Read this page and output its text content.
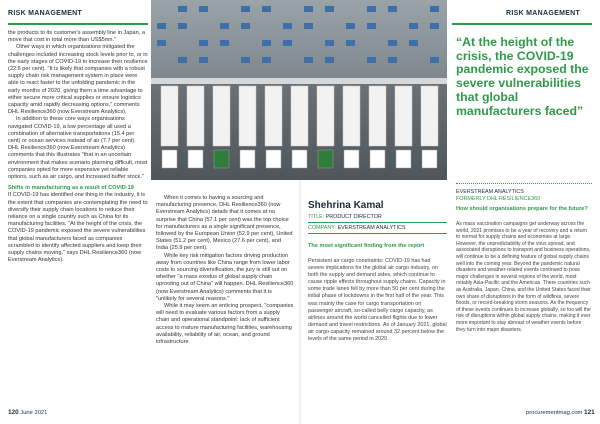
RISK MANAGEMENT	RISK MANAGEMENT

the products to its customer's assembly line in Japan, a move that cost in total more than US$5mn."

Other ways in which organisations mitigated the challenges included increasing stock levels prior to, or in the early stages of COVID-19 to increase their resilience (22.6 per cent). "It is likely that companies with a robust supply chain risk management system in place were able to react faster to the unfolding pandemic in the early months of 2020, giving them a time advantage to either secure more critical supplies or ensure logistics capacity amid rapidly decreasing options," comments DHL Resilience360 (now Everstream Analytics).

In addition to these core ways organisations navigated COVID-19, a low percentage all used a combination of alternative transportations (15.4 per cent) or ocean services instead of air (7.7 per cent). DHL Resilience360 (now Everstream Analytics) comments that this illustrates "that in an uncertain environment that makes scenario planning difficult, most companies opted for more expensive yet reliable options, such as air cargo, and increased buffer stock."

Shifts in manufacturing as a result of COVID-19

If COVID-19 has identified one thing in the industry, it is the extent that companies are contemplating the need to diversify their supply chain locations to reduce their reliance on a single country such as China for its manufacturing facilities. "At the height of the crisis, the COVID-19 pandemic exposed the severe vulnerabilities that global manufacturers faced as companies scrambled to identify affected suppliers and keep their supply chains moving," says DHL Resilience360 (now Everstream Analytics).

When it comes to having a sourcing and manufacturing presence, DHL Resilience360 (now Everstream Analytics) details that it comes at no surprise that China (57.1 per cent) was the top choice for manufacturers as a single significant presence, followed by the European Union (52.9 per cent), United States (51.2 per cent), Mexico (27.6 per cent), and India (25.9 per cent).

While key risk mitigation factors driving production away from countries like China range from lower labor costs to sourcing diversification, the jury is still out on whether "a mass exodus of global supply chain uprooting out of China" will happen. DHL Resilience360 (now Everstream Analytics) comments that it is "unlikely for several reasons."

While it may seem an enticing prospect, "companies will need to evaluate various factors from a supply chain and operational standpoint: lack of sufficient access to mature manufacturing facilities, warehousing availability, reliability of air, ocean, and ground infrastructure

“At the height of the crisis, the COVID-19 pandemic exposed the severe vulnerabilities that global manufacturers faced”
EVERSTREAM ANALYTICS
FORMERLY DHL RESILIENCE360
Shehrina Kamal
TITLE: PRODUCT DIRECTOR
COMPANY: EVERSTREAM ANALYTICS
The most significant finding from the report
Persistent air cargo constraints: COVID-19 has had severe implications for the global air cargo industry, on both the supply and demand sides, which continue to cause ripple effects throughout supply chains. Capacity in some trade lanes fell by more than 50 per cent during the initial phase of lockdowns in the first half of the year. This was mainly the case for cargo transportation on passenger aircraft, so-called belly cargo capacity, as airlines around the world cancelled flights due to lower demand and travel restrictions. As of January 2021, global air cargo capacity remained around 32 percent below the levels of the same period in 2020.
How should organisations prepare for the future?
As mass vaccination campaigns get underway across the world, 2021 promises to be a year of recovery and a return to normal for supply chains and economies at large. However, the unpredictability of the virus spread, and associated disruptions to transport and business operations, will continue to be a defining feature of global supply chains well into the coming year. Beyond the pandemic natural disasters and weather-related events continued to pose major challenges in several regions of the world, most notably Asia-Pacific and the Americas. There countries such as Australia, Japan, China, and the United States faced their own share of disruptions in the form of wildfires, severe floods, or record-breaking storm seasons. As the frequency of these events continues to increase globally, so too will the risk of disruptions within global supply chains, making it ever more important to stay abreast of weather events before they turn into major disasters.
120 June 2021	procurementmag.com 121
